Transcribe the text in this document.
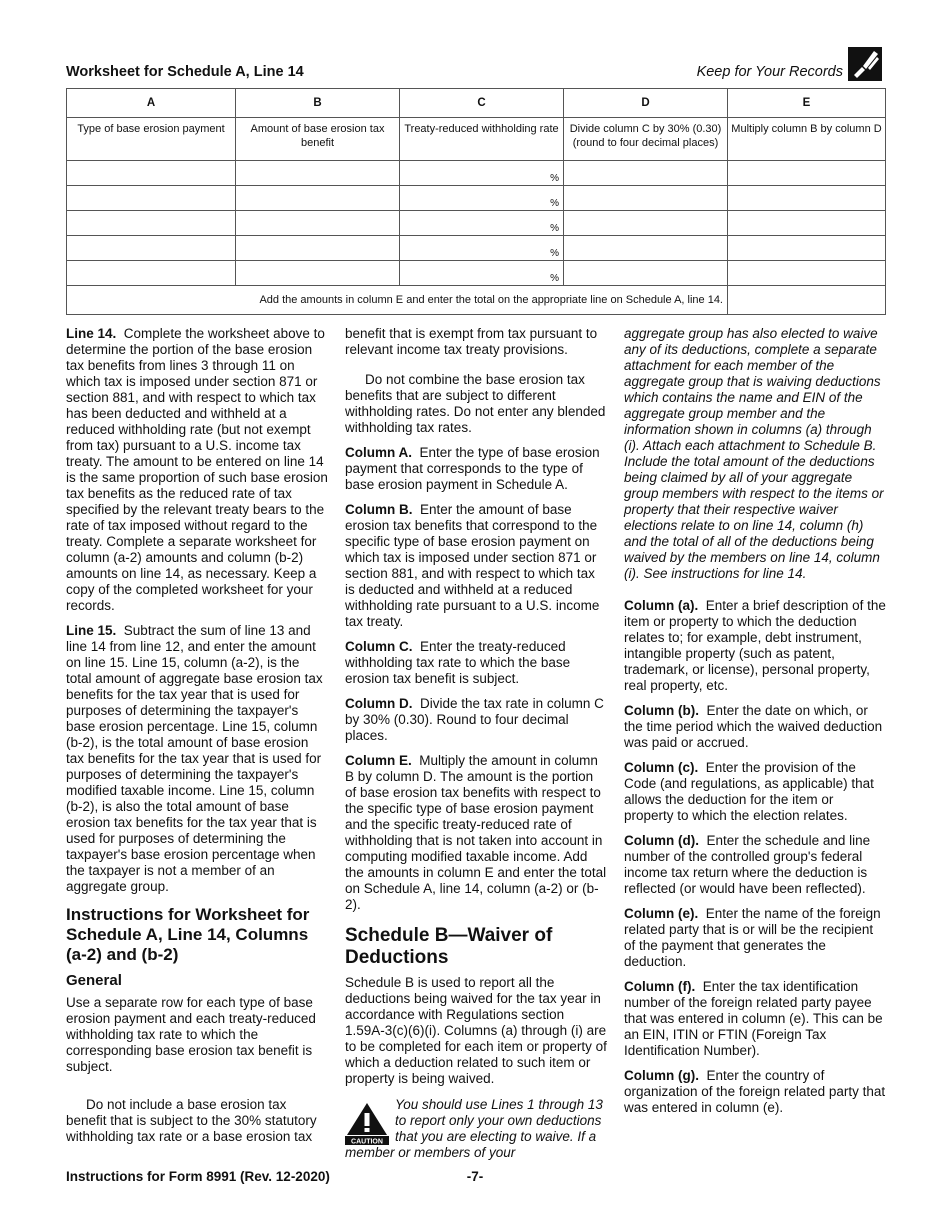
Worksheet for Schedule A, Line 14	Keep for Your Records
A	B	C	D	E
Type of base erosion payment	Amount of base erosion tax benefit	Treaty-reduced withholding rate	Divide column C by 30% (0.30) (round to four decimal places)	Multiply column B by column D
		%		
		%		
		%		
		%		
		%		
Add the amounts in column E and enter the total on the appropriate line on Schedule A, line 14.				

Line 14. Complete the worksheet above to determine the portion of the base erosion tax benefits from lines 3 through 11 on which tax is imposed under section 871 or section 881, and with respect to which tax has been deducted and withheld at a reduced withholding rate (but not exempt from tax) pursuant to a U.S. income tax treaty. The amount to be entered on line 14 is the same proportion of such base erosion tax benefits as the reduced rate of tax specified by the relevant treaty bears to the rate of tax imposed without regard to the treaty. Complete a separate worksheet for column (a-2) amounts and column (b-2) amounts on line 14, as necessary. Keep a copy of the completed worksheet for your records.

Line 15. Subtract the sum of line 13 and line 14 from line 12, and enter the amount on line 15. Line 15, column (a-2), is the total amount of aggregate base erosion tax benefits for the tax year that is used for purposes of determining the taxpayer's base erosion percentage. Line 15, column (b-2), is the total amount of base erosion tax benefits for the tax year that is used for purposes of determining the taxpayer's modified taxable income. Line 15, column (b-2), is also the total amount of base erosion tax benefits for the tax year that is used for purposes of determining the taxpayer's base erosion percentage when the taxpayer is not a member of an aggregate group.

Instructions for Worksheet for Schedule A, Line 14, Columns (a-2) and (b-2)
General

Use a separate row for each type of base erosion payment and each treaty-reduced withholding tax rate to which the corresponding base erosion tax benefit is subject.

Do not include a base erosion tax benefit that is subject to the 30% statutory withholding tax rate or a base erosion tax

benefit that is exempt from tax pursuant to relevant income tax treaty provisions.

Do not combine the base erosion tax benefits that are subject to different withholding rates. Do not enter any blended withholding tax rates.

Column A. Enter the type of base erosion payment that corresponds to the type of base erosion payment in Schedule A.

Column B. Enter the amount of base erosion tax benefits that correspond to the specific type of base erosion payment on which tax is imposed under section 871 or section 881, and with respect to which tax is deducted and withheld at a reduced withholding rate pursuant to a U.S. income tax treaty.

Column C. Enter the treaty-reduced withholding tax rate to which the base erosion tax benefit is subject.

Column D. Divide the tax rate in column C by 30% (0.30). Round to four decimal places.

Column E. Multiply the amount in column B by column D. The amount is the portion of base erosion tax benefits with respect to the specific type of base erosion payment and the specific treaty-reduced rate of withholding that is not taken into account in computing modified taxable income. Add the amounts in column E and enter the total on Schedule A, line 14, column (a-2) or (b-2).

Schedule B—Waiver of Deductions

Schedule B is used to report all the deductions being waived for the tax year in accordance with Regulations section 1.59A-3(c)(6)(i). Columns (a) through (i) are to be completed for each item or property of which a deduction related to such item or property is being waived.

CAUTION
You should use Lines 1 through 13 to report only your own deductions that you are electing to waive. If a member or members of your

aggregate group has also elected to waive any of its deductions, complete a separate attachment for each member of the aggregate group that is waiving deductions which contains the name and EIN of the aggregate group member and the information shown in columns (a) through (i). Attach each attachment to Schedule B. Include the total amount of the deductions being claimed by all of your aggregate group members with respect to the items or property that their respective waiver elections relate to on line 14, column (h) and the total of all of the deductions being waived by the members on line 14, column (i). See instructions for line 14.

Column (a). Enter a brief description of the item or property to which the deduction relates to; for example, debt instrument, intangible property (such as patent, trademark, or license), personal property, real property, etc.

Column (b). Enter the date on which, or the time period which the waived deduction was paid or accrued.

Column (c). Enter the provision of the Code (and regulations, as applicable) that allows the deduction for the item or property to which the election relates.

Column (d). Enter the schedule and line number of the controlled group's federal income tax return where the deduction is reflected (or would have been reflected).

Column (e). Enter the name of the foreign related party that is or will be the recipient of the payment that generates the deduction.

Column (f). Enter the tax identification number of the foreign related party payee that was entered in column (e). This can be an EIN, ITIN or FTIN (Foreign Tax Identification Number).

Column (g). Enter the country of organization of the foreign related party that was entered in column (e).

Instructions for Form 8991 (Rev. 12-2020)	-7-
